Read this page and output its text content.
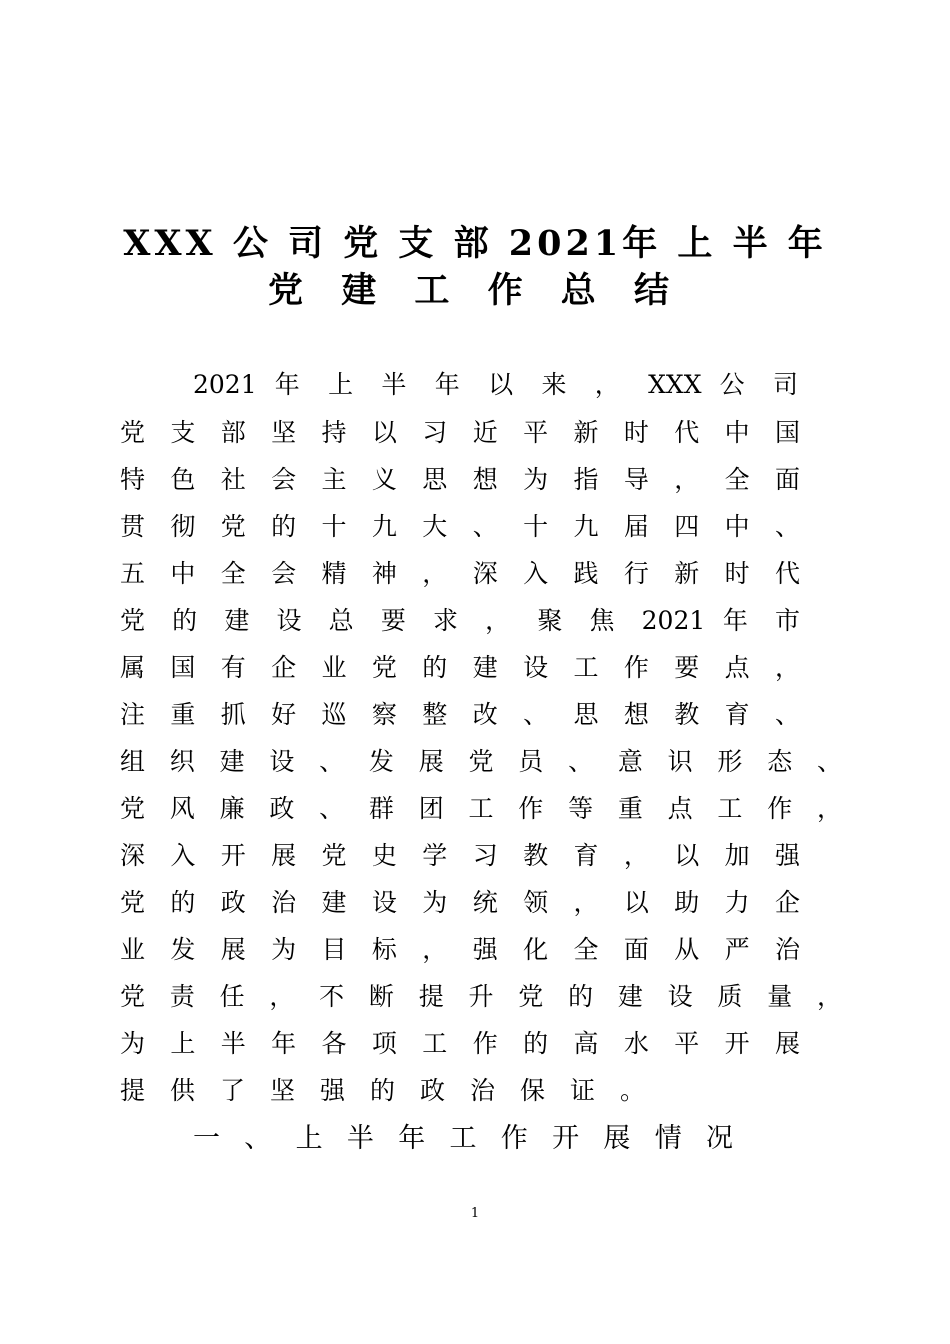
XXX 公 司 党 支 部 2021年 上 半 年
党 建 工 作 总 结
2021 年 上 半 年 以 来 ， XXX 公 司
党 支 部 坚 持 以 习 近 平 新 时 代 中 国
特 色 社 会 主 义 思 想 为 指 导 ， 全 面
贯 彻 党 的 十 九 大 、 十 九 届 四 中 、
五 中 全 会 精 神 ， 深 入 践 行 新 时 代
党 的 建 设 总 要 求 ， 聚 焦 2021 年 市
属 国 有 企 业 党 的 建 设 工 作 要 点 ，
注 重 抓 好 巡 察 整 改 、 思 想 教 育 、
组 织 建 设 、 发 展 党 员 、 意 识 形 态 、
党 风 廉 政 、 群 团 工 作 等 重 点 工 作 ，
深 入 开 展 党 史 学 习 教 育 ， 以 加 强
党 的 政 治 建 设 为 统 领 ， 以 助 力 企
业 发 展 为 目 标 ， 强 化 全 面 从 严 治
党 责 任 ， 不 断 提 升 党 的 建 设 质 量 ，
为 上 半 年 各 项 工 作 的 高 水 平 开 展
提供了坚强的政治保证。
一 、 上 半 年 工 作 开 展 情 况
1
